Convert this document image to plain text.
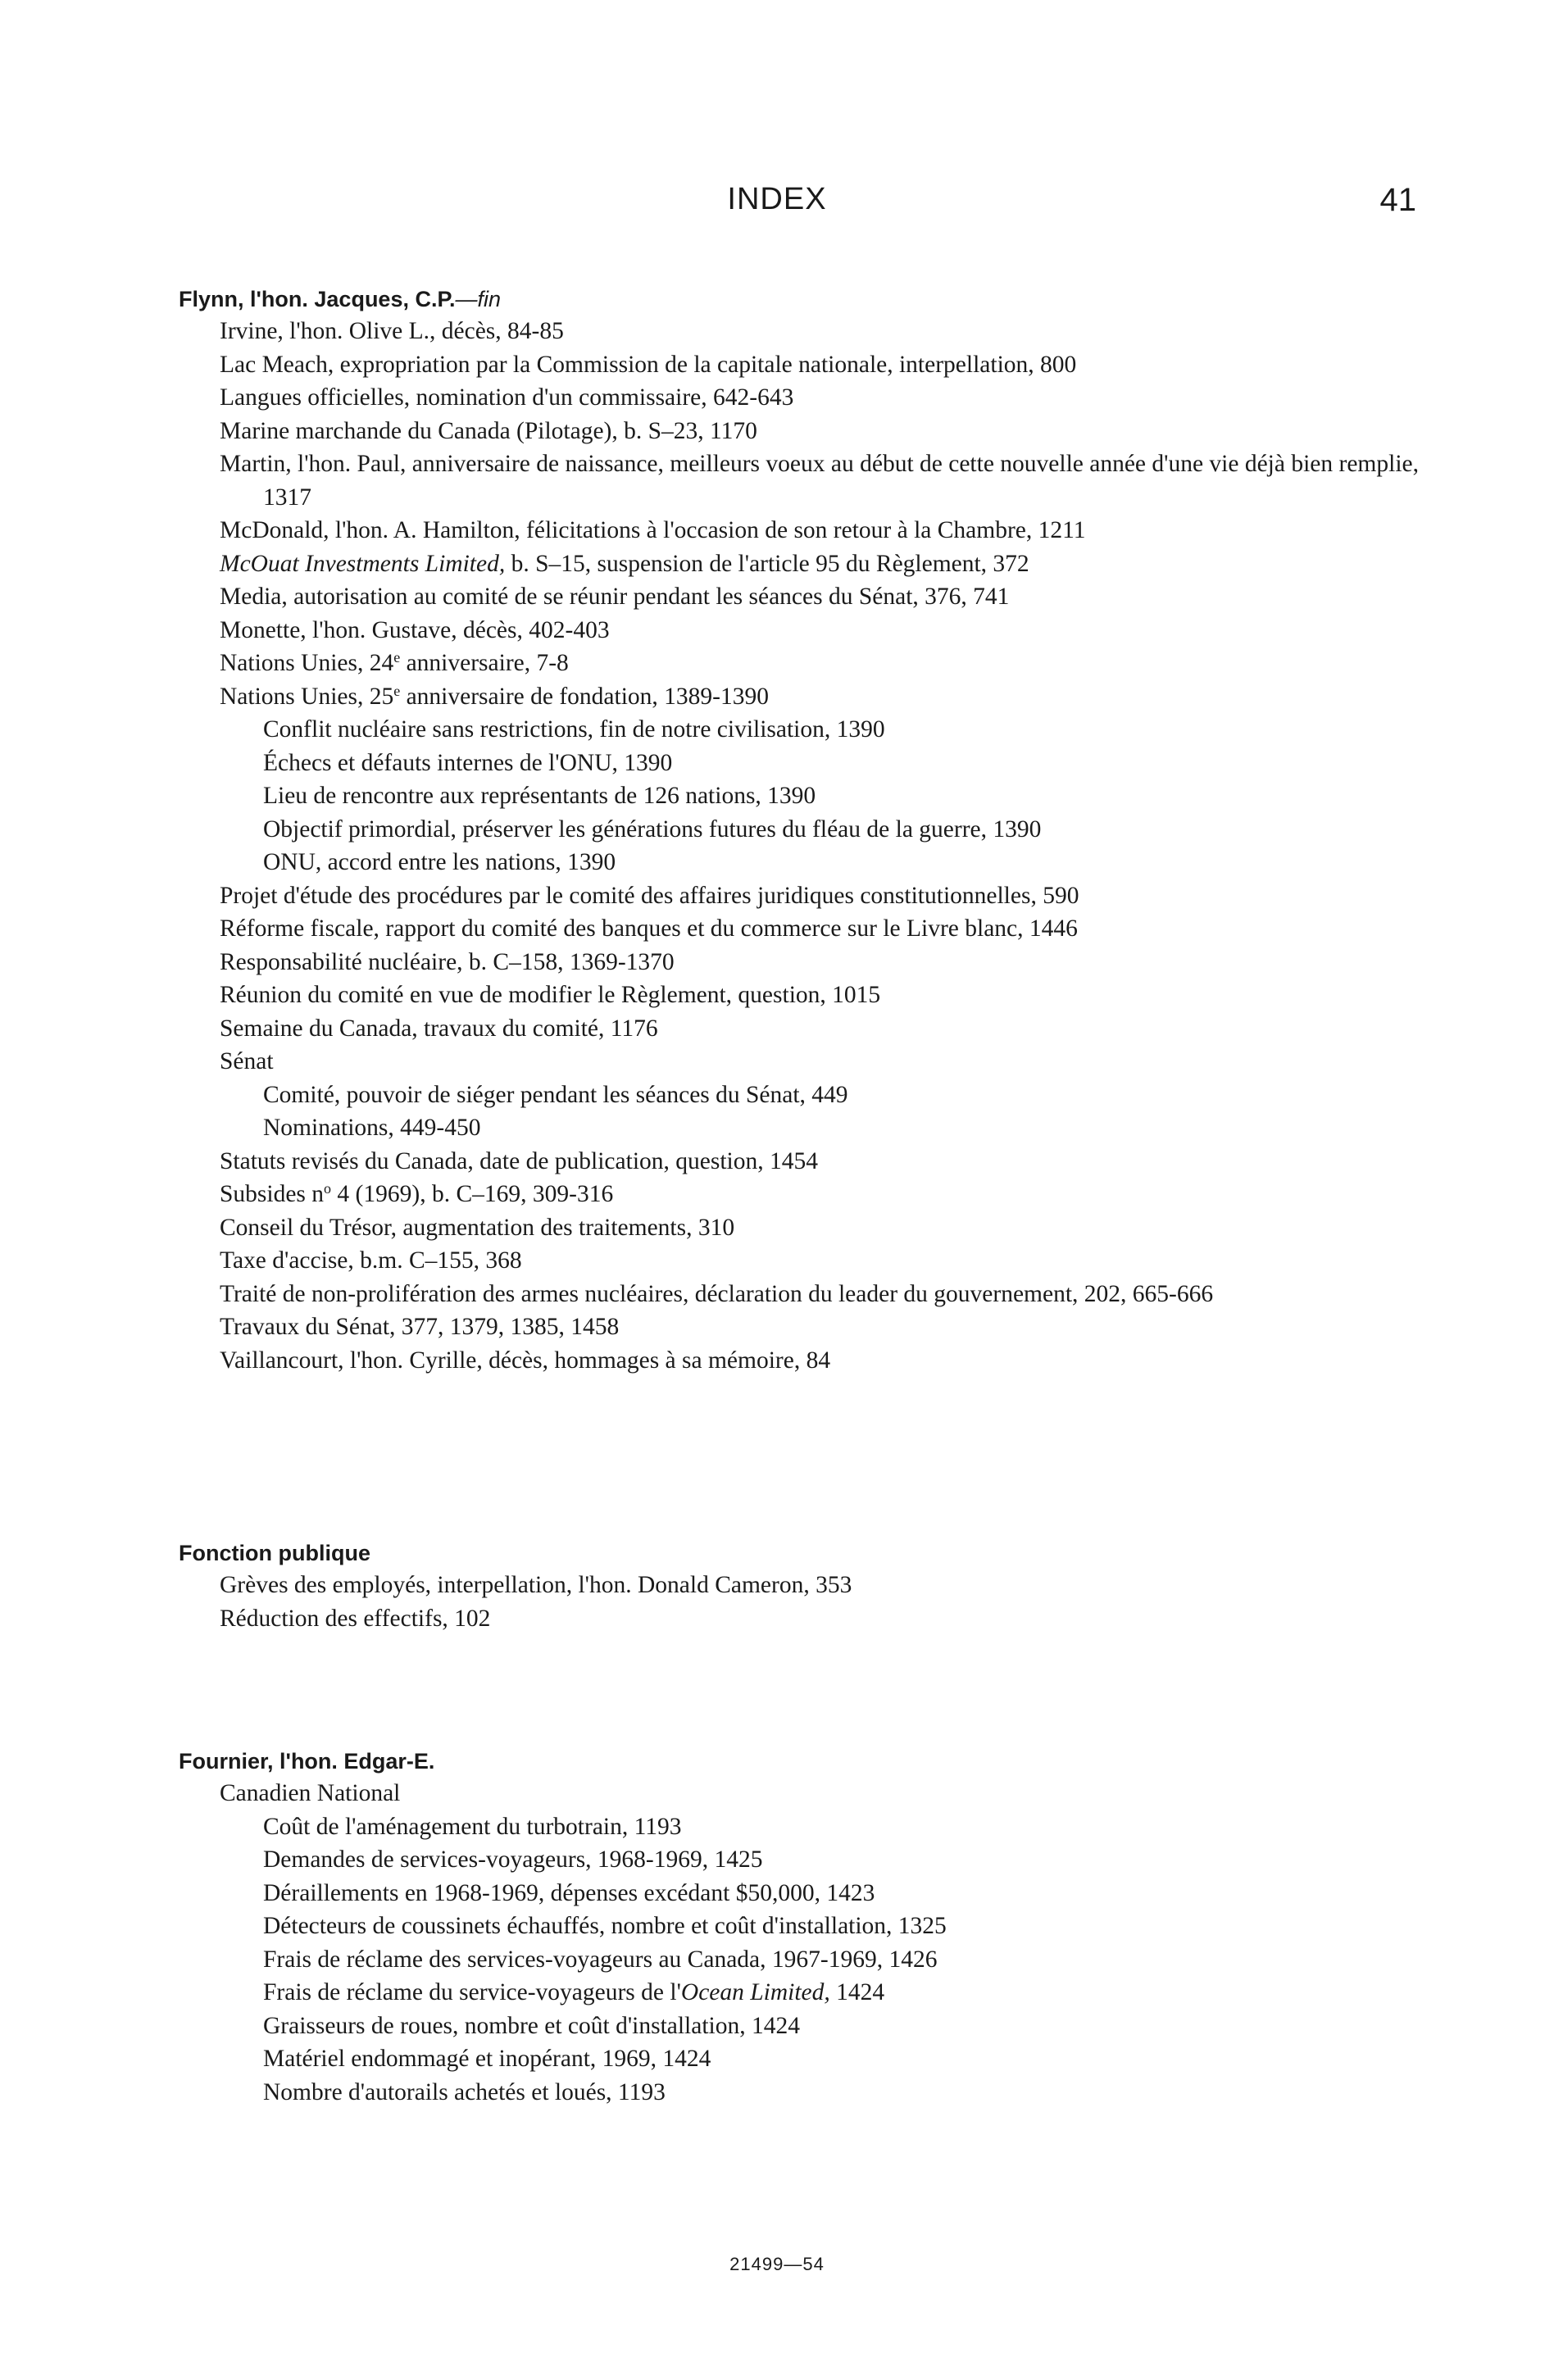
INDEX	41
Flynn, l'hon. Jacques, C.P.—fin
Irvine, l'hon. Olive L., décès, 84-85
Lac Meach, expropriation par la Commission de la capitale nationale, interpellation, 800
Langues officielles, nomination d'un commissaire, 642-643
Marine marchande du Canada (Pilotage), b. S–23, 1170
Martin, l'hon. Paul, anniversaire de naissance, meilleurs voeux au début de cette nouvelle année d'une vie déjà bien remplie, 1317
McDonald, l'hon. A. Hamilton, félicitations à l'occasion de son retour à la Chambre, 1211
McOuat Investments Limited, b. S–15, suspension de l'article 95 du Règlement, 372
Media, autorisation au comité de se réunir pendant les séances du Sénat, 376, 741
Monette, l'hon. Gustave, décès, 402-403
Nations Unies, 24e anniversaire, 7-8
Nations Unies, 25e anniversaire de fondation, 1389-1390
Conflit nucléaire sans restrictions, fin de notre civilisation, 1390
Échecs et défauts internes de l'ONU, 1390
Lieu de rencontre aux représentants de 126 nations, 1390
Objectif primordial, préserver les générations futures du fléau de la guerre, 1390
ONU, accord entre les nations, 1390
Projet d'étude des procédures par le comité des affaires juridiques constitutionnelles, 590
Réforme fiscale, rapport du comité des banques et du commerce sur le Livre blanc, 1446
Responsabilité nucléaire, b. C–158, 1369-1370
Réunion du comité en vue de modifier le Règlement, question, 1015
Semaine du Canada, travaux du comité, 1176
Sénat
Comité, pouvoir de siéger pendant les séances du Sénat, 449
Nominations, 449-450
Statuts revisés du Canada, date de publication, question, 1454
Subsides $n^o$ 4 (1969), b. C–169, 309-316
Conseil du Trésor, augmentation des traitements, 310
Taxe d'accise, b.m. C–155, 368
Traité de non-prolifération des armes nucléaires, déclaration du leader du gouvernement, 202, 665-666
Travaux du Sénat, 377, 1379, 1385, 1458
Vaillancourt, l'hon. Cyrille, décès, hommages à sa mémoire, 84
Fonction publique
Grèves des employés, interpellation, l'hon. Donald Cameron, 353
Réduction des effectifs, 102
Fournier, l'hon. Edgar-E.
Canadien National
Coût de l'aménagement du turbotrain, 1193
Demandes de services-voyageurs, 1968-1969, 1425
Déraillements en 1968-1969, dépenses excédant $50,000, 1423
Détecteurs de coussinets échauffés, nombre et coût d'installation, 1325
Frais de réclame des services-voyageurs au Canada, 1967-1969, 1426
Frais de réclame du service-voyageurs de l'Ocean Limited, 1424
Graisseurs de roues, nombre et coût d'installation, 1424
Matériel endommagé et inopérant, 1969, 1424
Nombre d'autorails achetés et loués, 1193
21499—54
